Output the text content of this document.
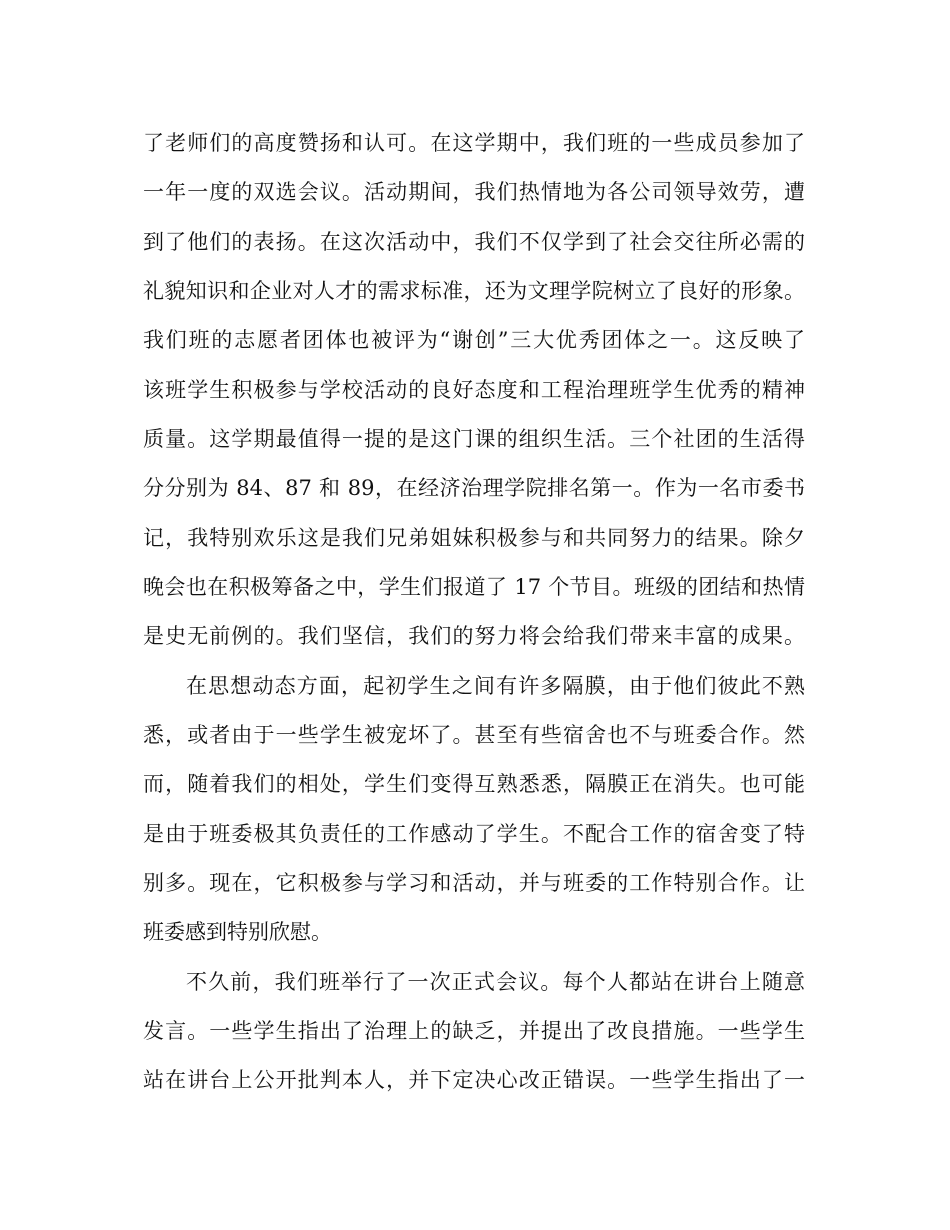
了老师们的高度赞扬和认可。在这学期中，我们班的一些成员参加了
一年一度的双选会议。活动期间，我们热情地为各公司领导效劳，遭
到了他们的表扬。在这次活动中，我们不仅学到了社会交往所必需的
礼貌知识和企业对人才的需求标准，还为文理学院树立了良好的形象。
我们班的志愿者团体也被评为“谢创”三大优秀团体之一。这反映了
该班学生积极参与学校活动的良好态度和工程治理班学生优秀的精神
质量。这学期最值得一提的是这门课的组织生活。三个社团的生活得
分分别为 84、87 和 89，在经济治理学院排名第一。作为一名市委书
记，我特别欢乐这是我们兄弟姐妹积极参与和共同努力的结果。除夕
晚会也在积极筹备之中，学生们报道了 17 个节目。班级的团结和热情
是史无前例的。我们坚信，我们的努力将会给我们带来丰富的成果。
在思想动态方面，起初学生之间有许多隔膜，由于他们彼此不熟
悉，或者由于一些学生被宠坏了。甚至有些宿舍也不与班委合作。然
而，随着我们的相处，学生们变得互熟悉悉，隔膜正在消失。也可能
是由于班委极其负责任的工作感动了学生。不配合工作的宿舍变了特
别多。现在，它积极参与学习和活动，并与班委的工作特别合作。让
班委感到特别欣慰。
不久前，我们班举行了一次正式会议。每个人都站在讲台上随意
发言。一些学生指出了治理上的缺乏，并提出了改良措施。一些学生
站在讲台上公开批判本人，并下定决心改正错误。一些学生指出了一
